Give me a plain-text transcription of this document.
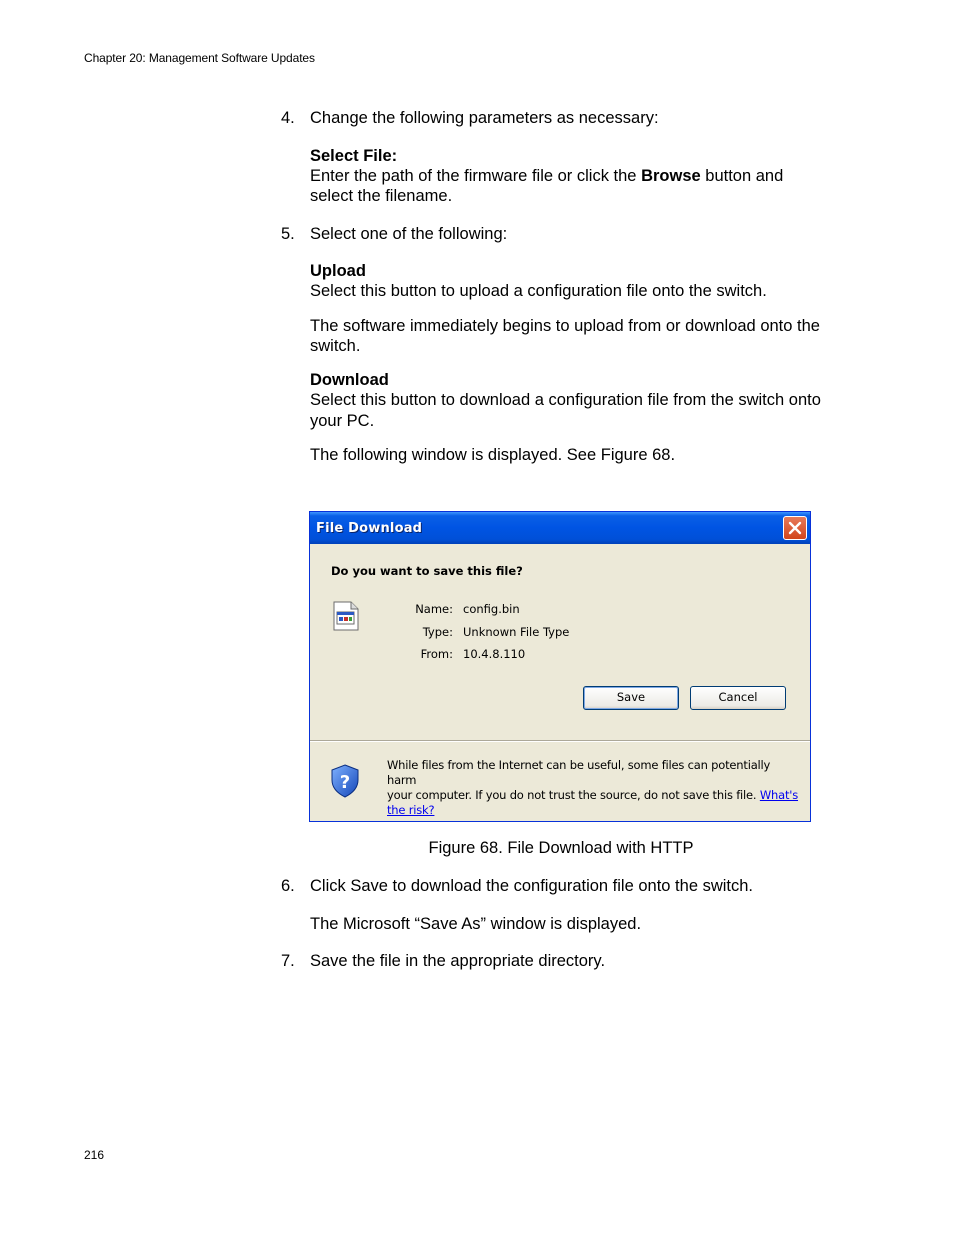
Chapter 20: Management Software Updates
4. Change the following parameters as necessary:
Select File:
Enter the path of the firmware file or click the Browse button and
select the filename.
5. Select one of the following:
Upload
Select this button to upload a configuration file onto the switch.
The software immediately begins to upload from or download onto the
switch.
Download
Select this button to download a configuration file from the switch onto
your PC.
The following window is displayed. See Figure 68.
File Download
Do you want to save this file?
Name: config.bin
Type: Unknown File Type
From: 10.4.8.110
Save	Cancel
?
While files from the Internet can be useful, some files can potentially harm
your computer. If you do not trust the source, do not save this file. What's
the risk?
Figure 68. File Download with HTTP
6. Click Save to download the configuration file onto the switch.
The Microsoft “Save As” window is displayed.
7. Save the file in the appropriate directory.
216
